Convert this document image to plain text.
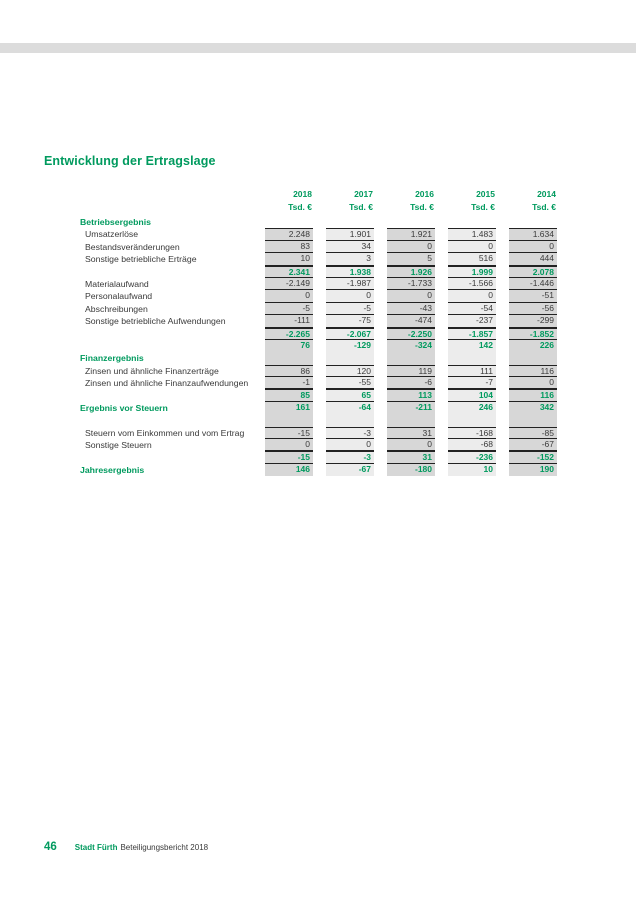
Entwicklung der Ertragslage
2018	2017	2016	2015	2014
Tsd. €	Tsd. €	Tsd. €	Tsd. €	Tsd. €
Betriebsergebnis
Umsatzerlöse	2.248	1.901	1.921	1.483	1.634
Bestandsveränderungen	83	34	0	0	0
Sonstige betriebliche Erträge	10	3	5	516	444
2.341	1.938	1.926	1.999	2.078
Materialaufwand	-2.149	-1.987	-1.733	-1.566	-1.446
Personalaufwand	0	0	0	0	-51
Abschreibungen	-5	-5	-43	-54	-56
Sonstige betriebliche Aufwendungen	-111	-75	-474	-237	-299
-2.265	-2.067	-2.250	-1.857	-1.852
76	-129	-324	142	226
Finanzergebnis
Zinsen und ähnliche Finanzerträge	86	120	119	111	116
Zinsen und ähnliche Finanzaufwendungen	-1	-55	-6	-7	0
85	65	113	104	116
Ergebnis vor Steuern	161	-64	-211	246	342
Steuern vom Einkommen und vom Ertrag	-15	-3	31	-168	-85
Sonstige Steuern	0	0	0	-68	-67
-15	-3	31	-236	-152
Jahresergebnis	146	-67	-180	10	190
46 Stadt Fürth Beteiligungsbericht 2018
